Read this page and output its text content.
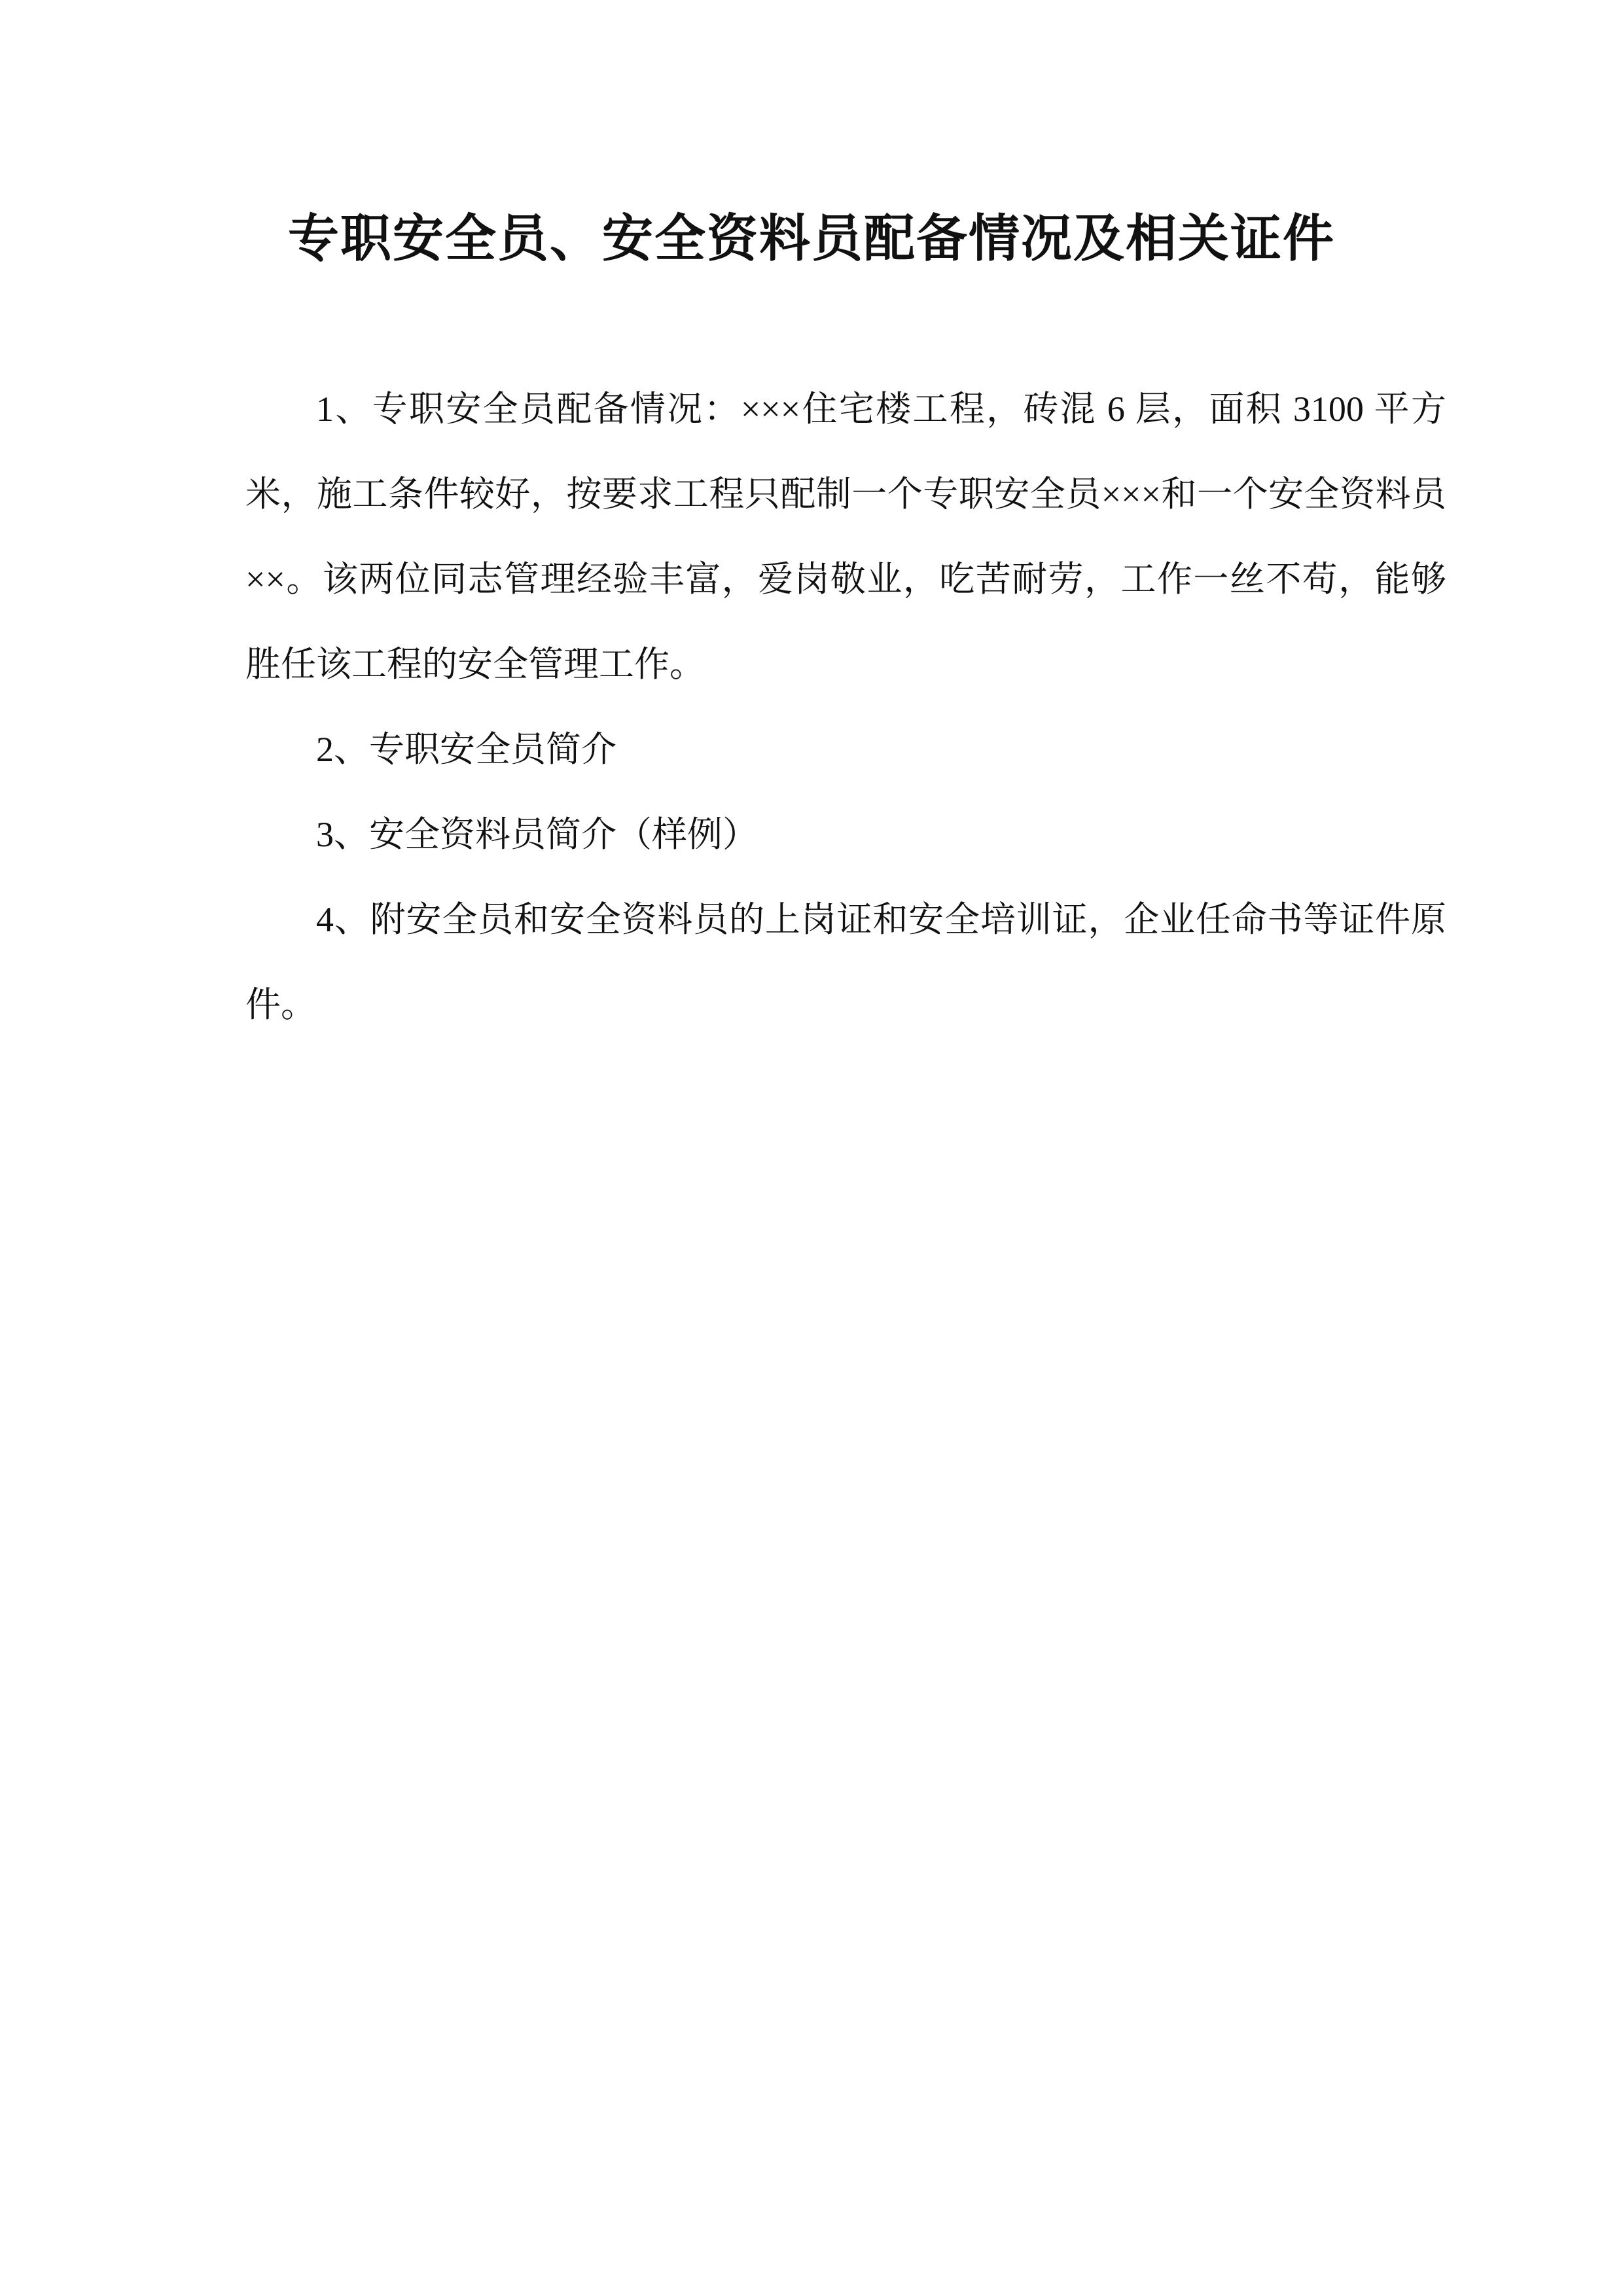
专职安全员、安全资料员配备情况及相关证件

1、专职安全员配备情况：×××住宅楼工程，砖混 6 层，面积 3100 平方米，施工条件较好，按要求工程只配制一个专职安全员×××和一个安全资料员××。该两位同志管理经验丰富，爱岗敬业，吃苦耐劳，工作一丝不苟，能够胜任该工程的安全管理工作。

2、专职安全员简介

3、安全资料员简介（样例）

4、附安全员和安全资料员的上岗证和安全培训证，企业任命书等证件原件。
